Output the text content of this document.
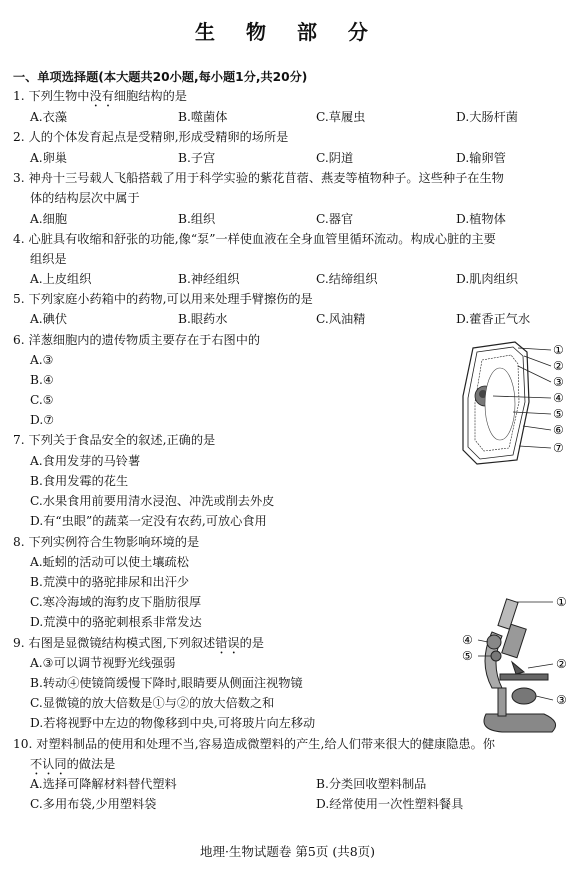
生 物 部 分
一、单项选择题(本大题共20小题,每小题1分,共20分)
1. 下列生物中没有细胞结构的是
A.衣藻	B.噬菌体	C.草履虫	D.大肠杆菌
2. 人的个体发育起点是受精卵,形成受精卵的场所是
A.卵巢	B.子宫	C.阴道	D.输卵管
3. 神舟十三号载人飞船搭载了用于科学实验的紫花苜蓿、燕麦等植物种子。这些种子在生物
体的结构层次中属于
A.细胞	B.组织	C.器官	D.植物体
4. 心脏具有收缩和舒张的功能,像“泵”一样使血液在全身血管里循环流动。构成心脏的主要
组织是
A.上皮组织	B.神经组织	C.结缔组织	D.肌肉组织
5. 下列家庭小药箱中的药物,可以用来处理手臂擦伤的是
A.碘伏	B.眼药水	C.风油精	D.藿香正气水
6. 洋葱细胞内的遗传物质主要存在于右图中的
A.③
B.④
C.⑤
D.⑦
①
②
③
④
⑤
⑥
⑦
7. 下列关于食品安全的叙述,正确的是
A.食用发芽的马铃薯
B.食用发霉的花生
C.水果食用前要用清水浸泡、冲洗或削去外皮
D.有“虫眼”的蔬菜一定没有农药,可放心食用
8. 下列实例符合生物影响环境的是
A.蚯蚓的活动可以使土壤疏松
B.荒漠中的骆驼排尿和出汗少
C.寒冷海域的海豹皮下脂肪很厚
D.荒漠中的骆驼刺根系非常发达
①
④
⑤
②
③
9. 右图是显微镜结构模式图,下列叙述错误的是
A.③可以调节视野光线强弱
B.转动④使镜筒缓慢下降时,眼睛要从侧面注视物镜
C.显微镜的放大倍数是①与②的放大倍数之和
D.若将视野中左边的物像移到中央,可将玻片向左移动
10. 对塑料制品的使用和处理不当,容易造成微塑料的产生,给人们带来很大的健康隐患。你
不认同的做法是
A.选择可降解材料替代塑料	B.分类回收塑料制品
C.多用布袋,少用塑料袋	D.经常使用一次性塑料餐具
地理·生物试题卷 第5页 (共8页)
